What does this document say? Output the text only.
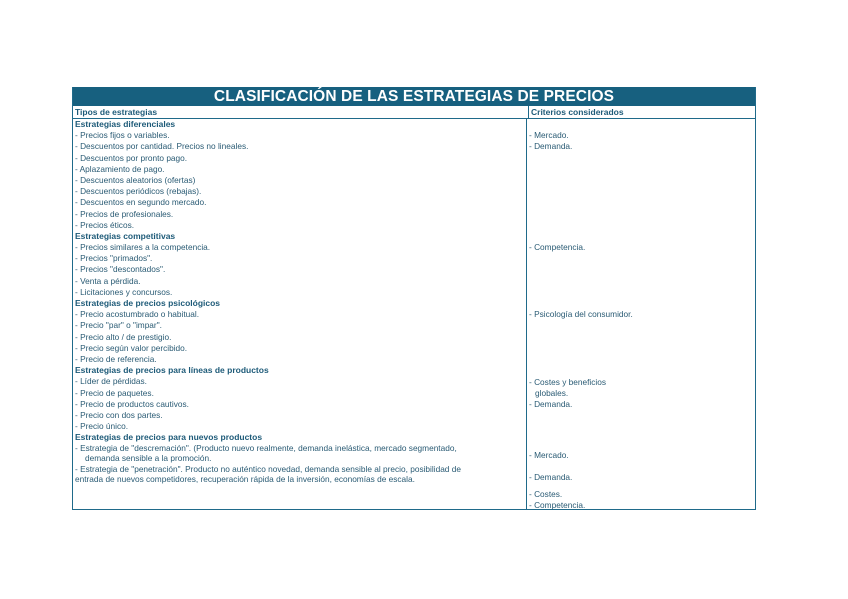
CLASIFICACIÓN DE LAS ESTRATEGIAS DE PRECIOS
Tipos de estrategias	Criterios considerados
Estrategias diferenciales
- Precios fijos o variables.
- Descuentos por cantidad. Precios no lineales.
- Descuentos por pronto pago.
- Aplazamiento de pago.
- Descuentos aleatorios (ofertas)
- Descuentos periódicos (rebajas).
- Descuentos en segundo mercado.
- Precios de profesionales.
- Precios éticos.
Estrategias competitivas
- Precios similares a la competencia.
- Precios "primados".
- Precios "descontados".
- Venta a pérdida.
- Licitaciones y concursos.
Estrategias de precios psicológicos
- Precio acostumbrado o habitual.
- Precio "par" o "impar".
- Precio alto / de prestigio.
- Precio según valor percibido.
- Precio de referencia.
Estrategias de precios para líneas de productos
- Líder de pérdidas.
- Precio de paquetes.
- Precio de productos cautivos.
- Precio con dos partes.
- Precio único.
Estrategias de precios para nuevos productos
- Estrategia de "descremación". (Producto nuevo realmente, demanda inelástica, mercado segmentado,
demanda sensible a la promoción.
- Estrategia de "penetración". Producto no auténtico novedad, demanda sensible al precio, posibilidad de
entrada de nuevos competidores, recuperación rápida de la inversión, economías de escala.
- Mercado.
- Demanda.
- Competencia.
- Psicología del consumidor.
- Costes y beneficios
globales.
- Demanda.
- Mercado.
- Demanda.
- Costes.
- Competencia.
